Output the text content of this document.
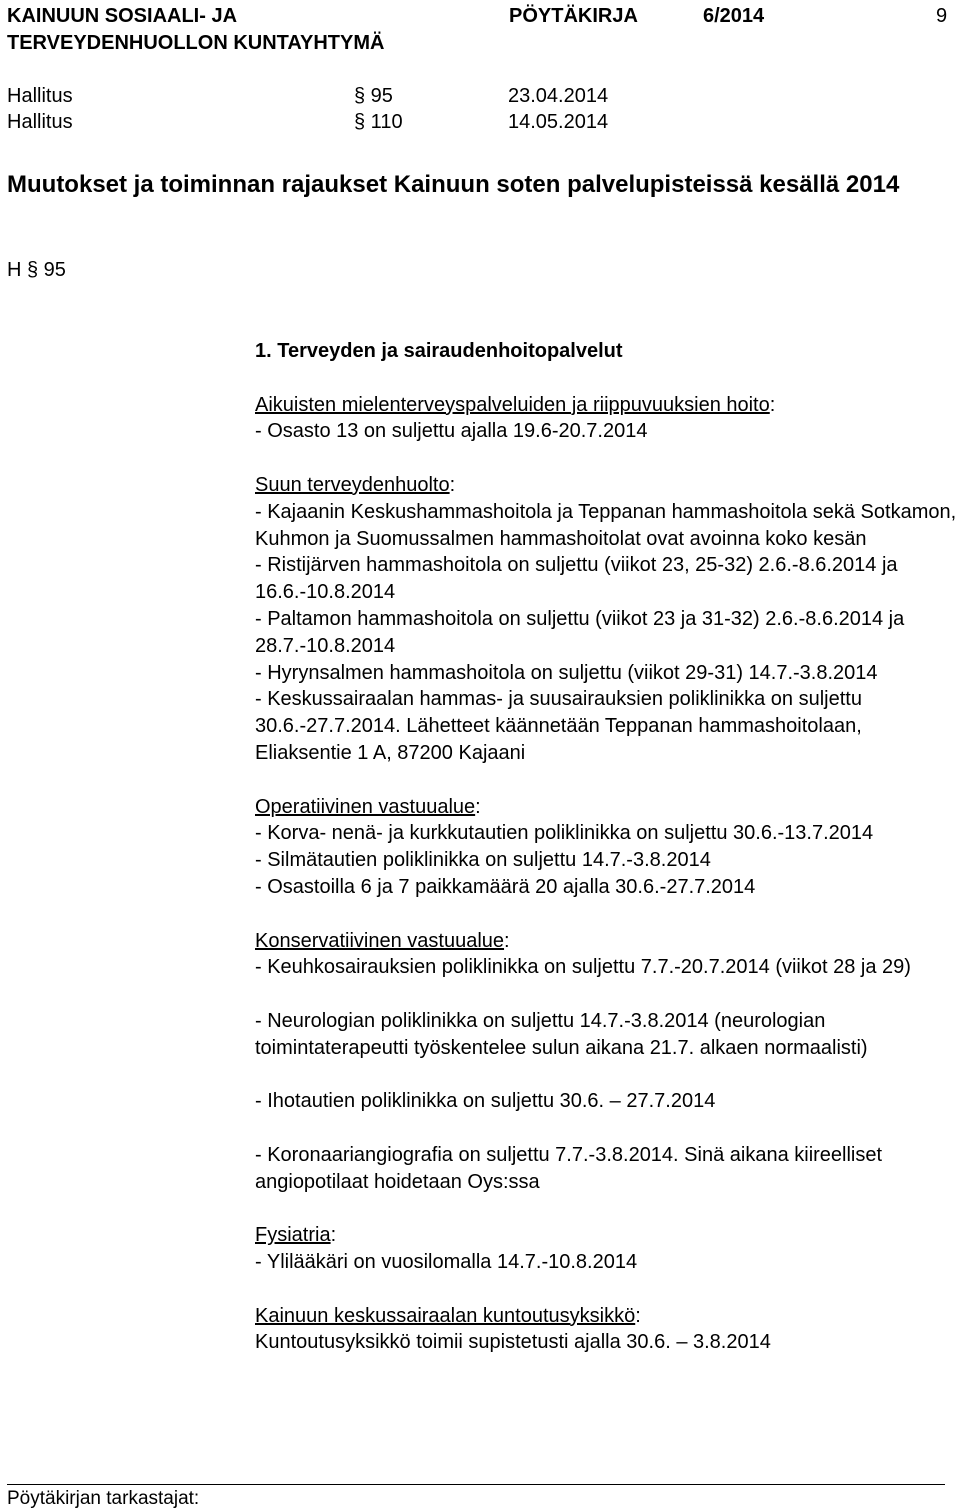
KAINUUN SOSIAALI- JA
TERVEYDENHUOLLON KUNTAYHTYMÄ
PÖYTÄKIRJA	6/2014	9
Hallitus	§ 95	23.04.2014
Hallitus	§ 110	14.05.2014
Muutokset ja toiminnan rajaukset Kainuun soten palvelupisteissä kesällä 2014
H § 95

1. Terveyden ja sairaudenhoitopalvelut

Aikuisten mielenterveyspalveluiden ja riippuvuuksien hoito:

- Osasto 13 on suljettu ajalla 19.6-20.7.2014

Suun terveydenhuolto:

- Kajaanin Keskushammashoitola ja Teppanan hammashoitola sekä Sotkamon, Kuhmon ja Suomussalmen hammashoitolat ovat avoinna koko kesän

- Ristijärven hammashoitola on suljettu (viikot 23, 25-32) 2.6.-8.6.2014 ja 16.6.-10.8.2014

- Paltamon hammashoitola on suljettu (viikot 23 ja 31-32) 2.6.-8.6.2014 ja 28.7.-10.8.2014

- Hyrynsalmen hammashoitola on suljettu (viikot 29-31) 14.7.-3.8.2014

- Keskussairaalan hammas- ja suusairauksien poliklinikka on suljettu 30.6.-27.7.2014. Lähetteet käännetään Teppanan hammashoitolaan, Eliaksentie 1 A, 87200 Kajaani

Operatiivinen vastuualue:

- Korva- nenä- ja kurkkutautien poliklinikka on suljettu 30.6.-13.7.2014

- Silmätautien poliklinikka on suljettu 14.7.-3.8.2014

- Osastoilla 6 ja 7 paikkamäärä 20 ajalla 30.6.-27.7.2014

Konservatiivinen vastuualue:

- Keuhkosairauksien poliklinikka on suljettu 7.7.-20.7.2014 (viikot 28 ja 29)

- Neurologian poliklinikka on suljettu 14.7.-3.8.2014 (neurologian toimintaterapeutti työskentelee sulun aikana 21.7. alkaen normaalisti)

- Ihotautien poliklinikka on suljettu 30.6. – 27.7.2014

- Koronaariangiografia on suljettu 7.7.-3.8.2014. Sinä aikana kiireelliset angiopotilaat hoidetaan Oys:ssa

Fysiatria:

- Ylilääkäri on vuosilomalla 14.7.-10.8.2014

Kainuun keskussairaalan kuntoutusyksikkö:

Kuntoutusyksikkö toimii supistetusti ajalla 30.6. – 3.8.2014

Pöytäkirjan tarkastajat:
